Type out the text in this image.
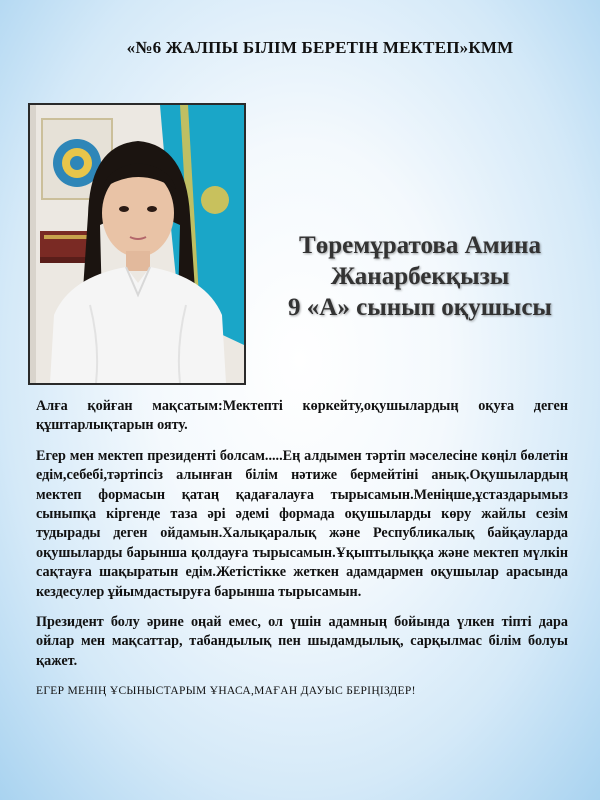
«№6 ЖАЛПЫ БІЛІМ БЕРЕТІН МЕКТЕП»КММ
Төремұратова Амина
Жанарбекқызы
9 «А» сынып оқушысы

Алға қойған мақсатым:Мектепті көркейту,оқушылардың оқуға деген құштарлықтарын ояту.

Егер мен мектеп президенті болсам.....Ең алдымен тәртіп мәселесіне көңіл бөлетін едім,себебі,тәртіпсіз алынған білім нәтиже бермейтіні анық.Оқушылардың мектеп формасын қатаң қадағалауға тырысамын.Меніңше,ұстаздарымыз сыныпқа кіргенде таза әрі әдемі формада оқушыларды көру жайлы сезім тудырады деген ойдамын.Халықаралық және Республикалық байқауларда оқушыларды барынша қолдауға тырысамын.Ұқыптылыққа және мектеп мүлкін сақтауға шақыратын едім.Жетістікке жеткен адамдармен оқушылар арасында кездесулер ұйымдастыруға барынша тырысамын.

Президент болу әрине оңай емес, ол үшін адамның бойында үлкен тіпті дара ойлар мен мақсаттар, табандылық пен шыдамдылық, сарқылмас білім болуы қажет.

ЕГЕР МЕНІҢ ҰСЫНЫСТАРЫМ ҰНАСА,МАҒАН ДАУЫС БЕРІҢІЗДЕР!
